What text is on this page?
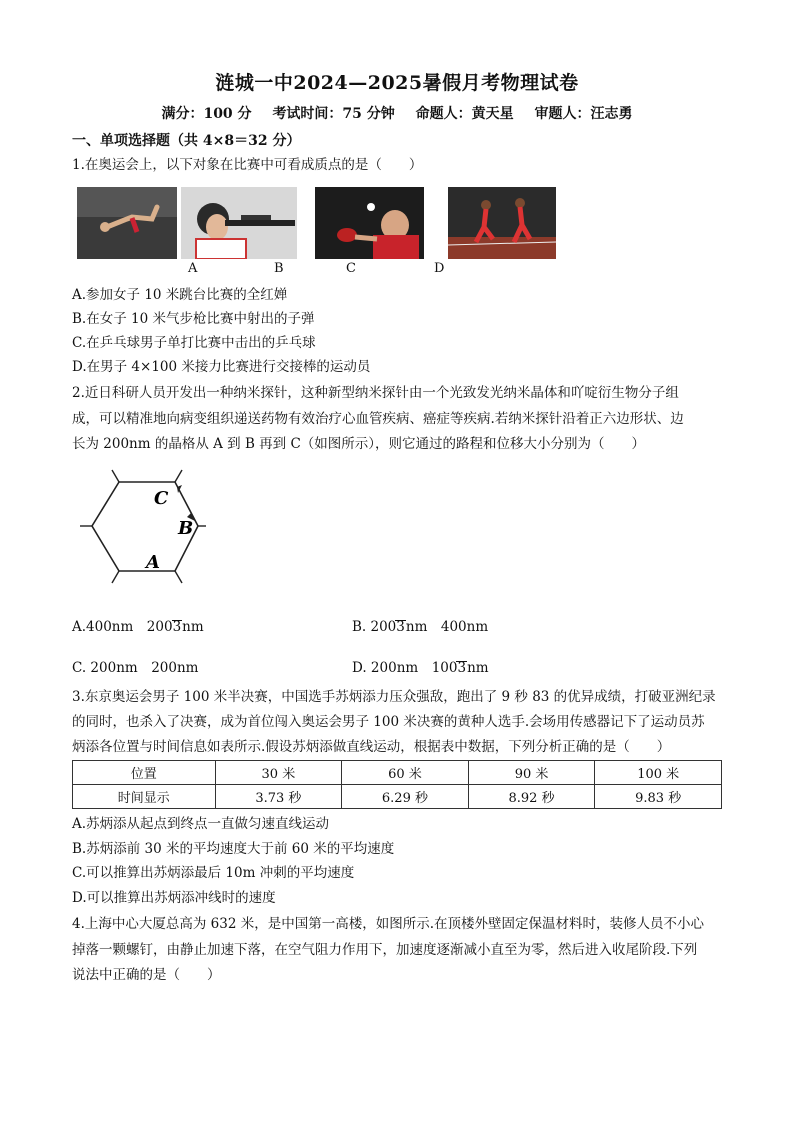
涟城一中2024—2025暑假月考物理试卷
满分：100 分 考试时间：75 分钟 命题人：黄天星 审题人：汪志勇
一、单项选择题（共 4×8＝32 分）
1.在奥运会上，以下对象在比赛中可看成质点的是（　　）
A	B	C	D
A.参加女子 10 米跳台比赛的全红婵
B.在女子 10 米气步枪比赛中射出的子弹
C.在乒乓球男子单打比赛中击出的乒乓球
D.在男子 4×100 米接力比赛进行交接棒的运动员
2.近日科研人员开发出一种纳米探针，这种新型纳米探针由一个光致发光纳米晶体和吖啶衍生物分子组
成，可以精准地向病变组织递送药物有效治疗心血管疾病、癌症等疾病.若纳米探针沿着正六边形状、边
长为 200nm 的晶格从 A 到 B 再到 C（如图所示），则它通过的路程和位移大小分别为（　　）
C
B
A
A.400nm　2003nm	B. 2003nm　400nm
C. 200nm　200nm	D. 200nm　1003nm
3.东京奥运会男子 100 米半决赛，中国选手苏炳添力压众强敌，跑出了 9 秒 83 的优异成绩，打破亚洲纪录
的同时，也杀入了决赛，成为首位闯入奥运会男子 100 米决赛的黄种人选手.会场用传感器记下了运动员苏
炳添各位置与时间信息如表所示.假设苏炳添做直线运动，根据表中数据，下列分析正确的是（　　）
位置	30 米	60 米	90 米	100 米
时间显示	3.73 秒	6.29 秒	8.92 秒	9.83 秒
A.苏炳添从起点到终点一直做匀速直线运动
B.苏炳添前 30 米的平均速度大于前 60 米的平均速度
C.可以推算出苏炳添最后 10m 冲刺的平均速度
D.可以推算出苏炳添冲线时的速度
4.上海中心大厦总高为 632 米，是中国第一高楼，如图所示.在顶楼外壁固定保温材料时，装修人员不小心
掉落一颗螺钉，由静止加速下落，在空气阻力作用下，加速度逐渐减小直至为零，然后进入收尾阶段.下列
说法中正确的是（　　）
